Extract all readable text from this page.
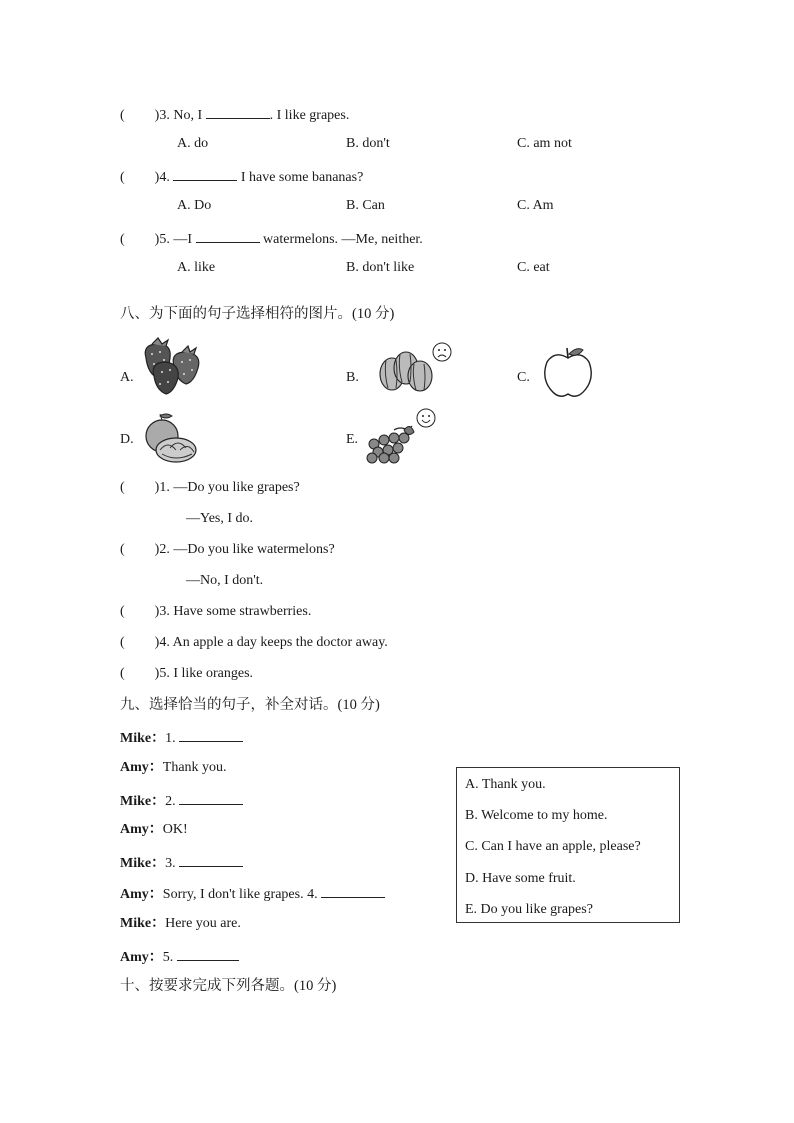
( )3. No, I	. I like grapes.
A. do	B. don't	C. am not
( )4.	I have some bananas?
A. Do	B. Can	C. Am
( )5. —I	watermelons. —Me, neither.
A. like	B. don't like	C. eat
八、为下面的句子选择相符的图片。(10 分)
A.	B.	C.
D.	E.
( )1. —Do you like grapes?
—Yes, I do.
( )2. —Do you like watermelons?
—No, I don't.
( )3. Have some strawberries.
( )4. An apple a day keeps the doctor away.
( )5. I like oranges.
九、选择恰当的句子，补全对话。(10 分)
Mike：1.
Amy：Thank you.
Mike：2.
Amy：OK!
Mike：3.
Amy：Sorry, I don't like grapes. 4.
Mike：Here you are.
Amy：5.
A. Thank you.
B. Welcome to my home.
C. Can I have an apple, please?
D. Have some fruit.
E. Do you like grapes?
十、按要求完成下列各题。(10 分)
